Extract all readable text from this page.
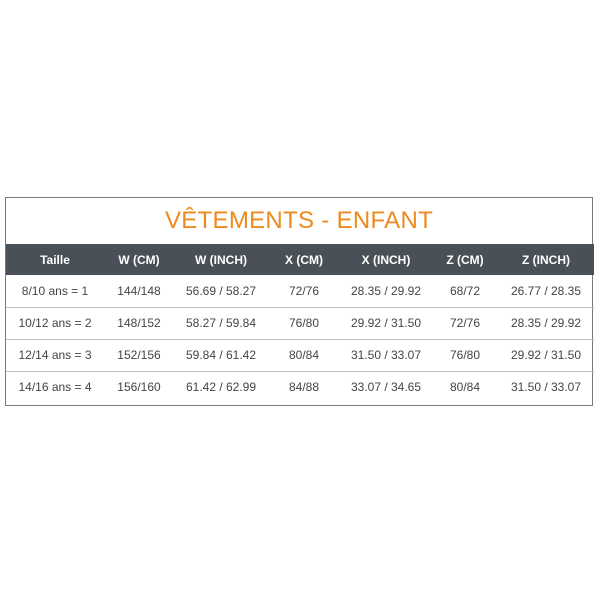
VÊTEMENTS - ENFANT
Taille	W (CM)	W (INCH)	X (CM)	X (INCH)	Z (CM)	Z (INCH)
8/10 ans = 1	144/148	56.69 / 58.27	72/76	28.35 / 29.92	68/72	26.77 / 28.35
10/12 ans = 2	148/152	58.27 / 59.84	76/80	29.92 / 31.50	72/76	28.35 / 29.92
12/14 ans = 3	152/156	59.84 / 61.42	80/84	31.50 / 33.07	76/80	29.92 / 31.50
14/16 ans = 4	156/160	61.42 / 62.99	84/88	33.07 / 34.65	80/84	31.50 / 33.07
